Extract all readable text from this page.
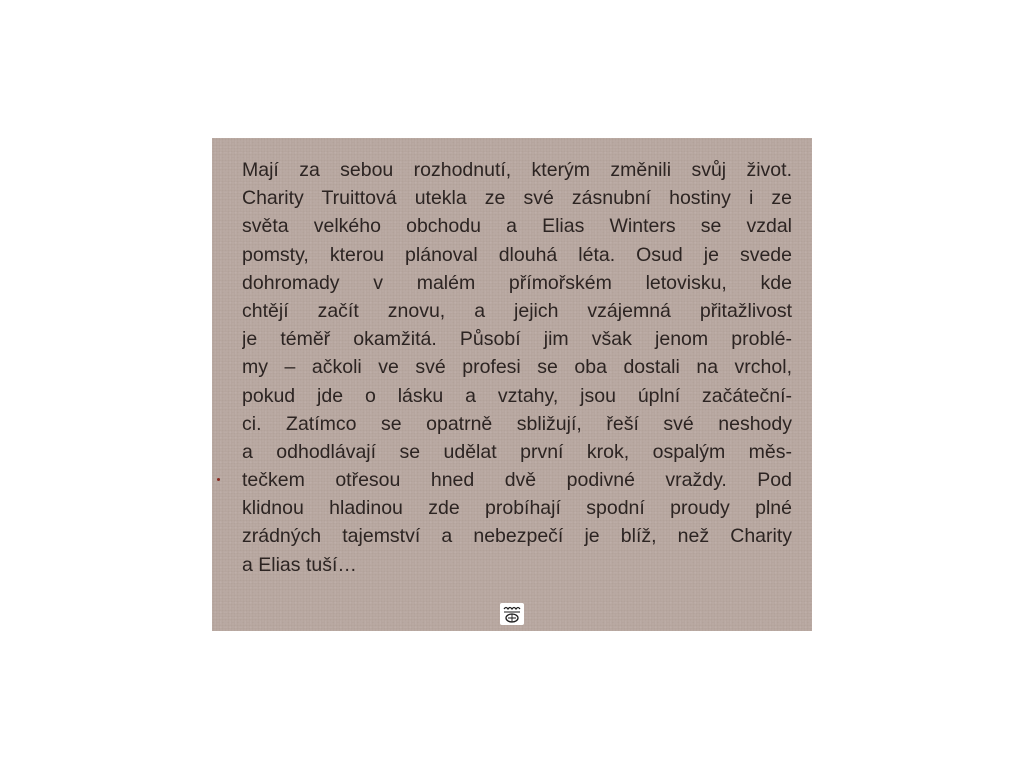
Mají za sebou rozhodnutí, kterým změnili svůj život.
Charity Truittová utekla ze své zásnubní hostiny i ze
světa velkého obchodu a Elias Winters se vzdal
pomsty, kterou plánoval dlouhá léta. Osud je svede
dohromady v malém přímořském letovisku, kde
chtějí začít znovu, a jejich vzájemná přitažlivost
je téměř okamžitá. Působí jim však jenom problé-
my – ačkoli ve své profesi se oba dostali na vrchol,
pokud jde o lásku a vztahy, jsou úplní začáteční-
ci. Zatímco se opatrně sbližují, řeší své neshody
a odhodlávají se udělat první krok, ospalým měs-
tečkem otřesou hned dvě podivné vraždy. Pod
klidnou hladinou zde probíhají spodní proudy plné
zrádných tajemství a nebezpečí je blíž, než Charity
a Elias tuší…
